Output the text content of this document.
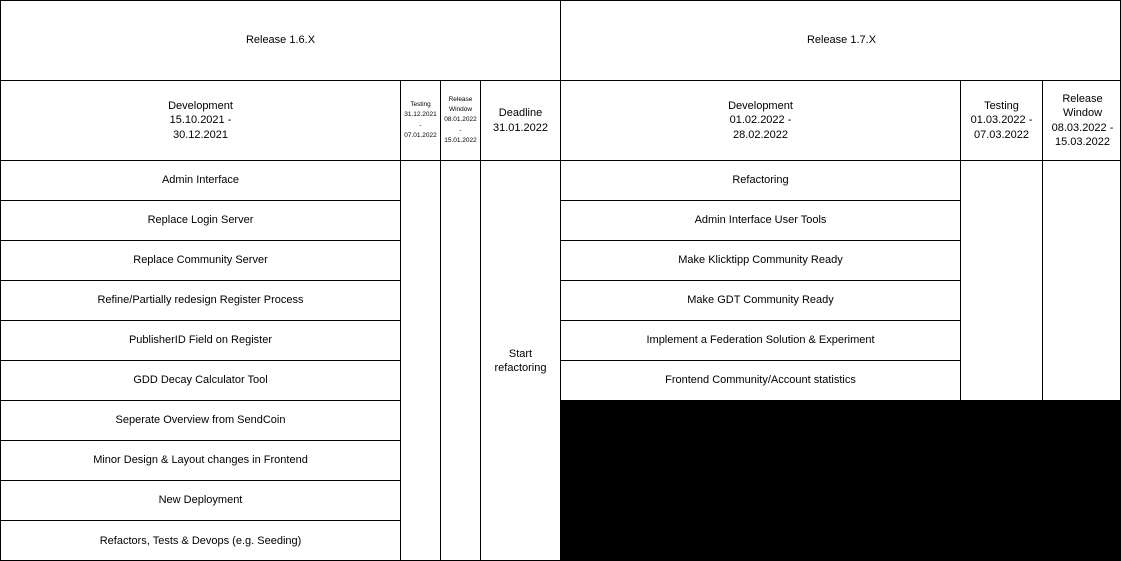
Release 1.6.X	Release 1.7.X
Development
15.10.2021 -
30.12.2021
Testing
31.12.2021
-
07.01.2022
Release
Window
08.01.2022
-
15.01.2022
Deadline
31.01.2022
Development
01.02.2022 -
28.02.2022
Testing
01.03.2022 -
07.03.2022
Release
Window
08.03.2022 -
15.03.2022
Admin Interface
Replace Login Server
Replace Community Server
Refine/Partially redesign Register Process
PublisherID Field on Register
GDD Decay Calculator Tool
Seperate Overview from SendCoin
Minor Design & Layout changes in Frontend
New Deployment
Refactors, Tests & Devops (e.g. Seeding)
Start
refactoring
Refactoring
Admin Interface User Tools
Make Klicktipp Community Ready
Make GDT Community Ready
Implement a Federation Solution & Experiment
Frontend Community/Account statistics
